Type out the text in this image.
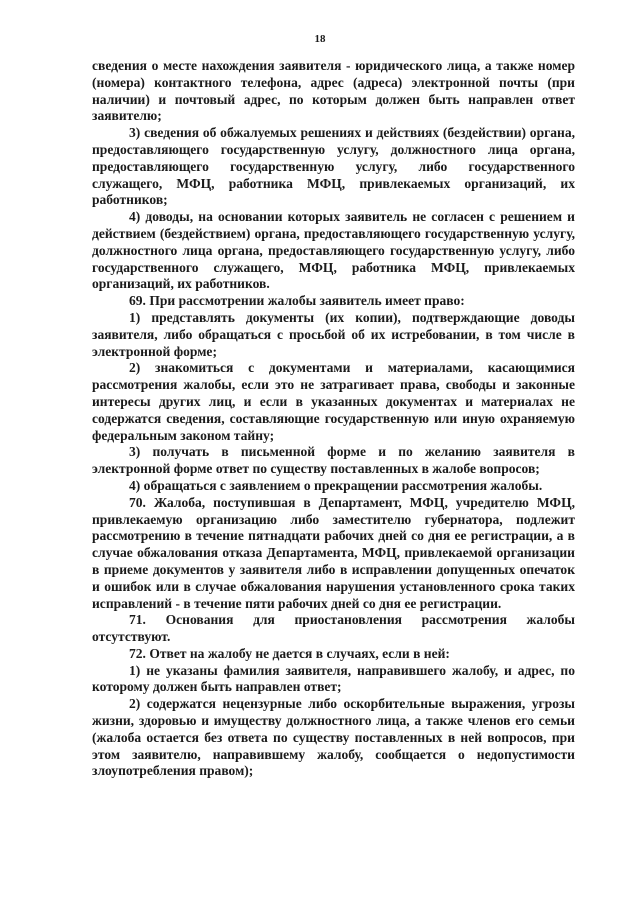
18

сведения о месте нахождения заявителя - юридического лица, а также номер (номера) контактного телефона, адрес (адреса) электронной почты (при наличии) и почтовый адрес, по которым должен быть направлен ответ заявителю;

3) сведения об обжалуемых решениях и действиях (бездействии) органа, предоставляющего государственную услугу, должностного лица органа, предоставляющего государственную услугу, либо государственного служащего, МФЦ, работника МФЦ, привлекаемых организаций, их работников;

4) доводы, на основании которых заявитель не согласен с решением и действием (бездействием) органа, предоставляющего государственную услугу, должностного лица органа, предоставляющего государственную услугу, либо государственного служащего, МФЦ, работника МФЦ, привлекаемых организаций, их работников.

69. При рассмотрении жалобы заявитель имеет право:

1) представлять документы (их копии), подтверждающие доводы заявителя, либо обращаться с просьбой об их истребовании, в том числе в электронной форме;

2) знакомиться с документами и материалами, касающимися рассмотрения жалобы, если это не затрагивает права, свободы и законные интересы других лиц, и если в указанных документах и материалах не содержатся сведения, составляющие государственную или иную охраняемую федеральным законом тайну;

3) получать в письменной форме и по желанию заявителя в электронной форме ответ по существу поставленных в жалобе вопросов;

4) обращаться с заявлением о прекращении рассмотрения жалобы.

70. Жалоба, поступившая в Департамент, МФЦ, учредителю МФЦ, привлекаемую организацию либо заместителю губернатора, подлежит рассмотрению в течение пятнадцати рабочих дней со дня ее регистрации, а в случае обжалования отказа Департамента, МФЦ, привлекаемой организации в приеме документов у заявителя либо в исправлении допущенных опечаток и ошибок или в случае обжалования нарушения установленного срока таких исправлений - в течение пяти рабочих дней со дня ее регистрации.

71. Основания для приостановления рассмотрения жалобы отсутствуют.

72. Ответ на жалобу не дается в случаях, если в ней:

1) не указаны фамилия заявителя, направившего жалобу, и адрес, по которому должен быть направлен ответ;

2) содержатся нецензурные либо оскорбительные выражения, угрозы жизни, здоровью и имуществу должностного лица, а также членов его семьи (жалоба остается без ответа по существу поставленных в ней вопросов, при этом заявителю, направившему жалобу, сообщается о недопустимости злоупотребления правом);
